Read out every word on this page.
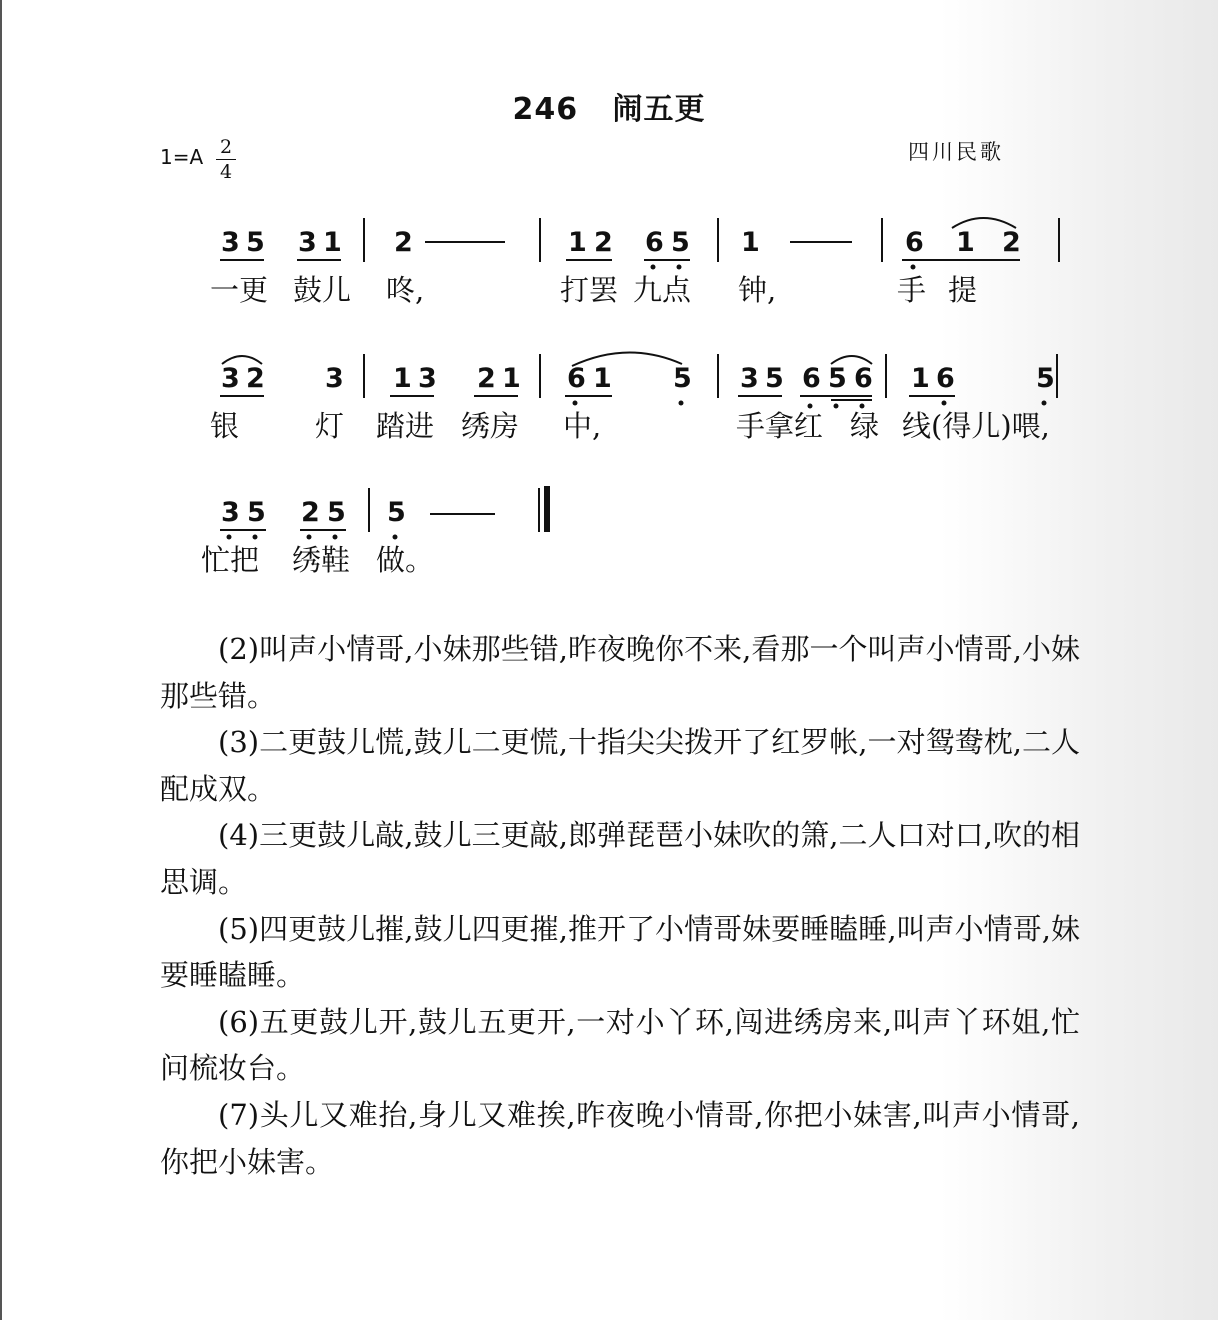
246   闹五更
1=A 2
4
四川民歌
3 5 3 1 2	1 2 6 5 1	6 1 2
一更 鼓儿 咚,	打罢 九点 钟,	手 提
3 2 3 1 3 2 1 6 1 5 3 5 6 5 6 1 6	5
银	灯 踏进 绣房 中,	手拿红 绿 线(得儿)喂,
3 5 2 5 5
忙把 绣鞋 做。

(2)叫声小情哥,小妹那些错,昨夜晚你不来,看那一个叫声小情哥,小妹那些错。

(3)二更鼓儿慌,鼓儿二更慌,十指尖尖拨开了红罗帐,一对鸳鸯枕,二人配成双。

(4)三更鼓儿敲,鼓儿三更敲,郎弹琵琶小妹吹的箫,二人口对口,吹的相思调。

(5)四更鼓儿摧,鼓儿四更摧,推开了小情哥妹要睡瞌睡,叫声小情哥,妹要睡瞌睡。

(6)五更鼓儿开,鼓儿五更开,一对小丫环,闯进绣房来,叫声丫环姐,忙问梳妆台。

(7)头儿又难抬,身儿又难挨,昨夜晚小情哥,你把小妹害,叫声小情哥,你把小妹害。
